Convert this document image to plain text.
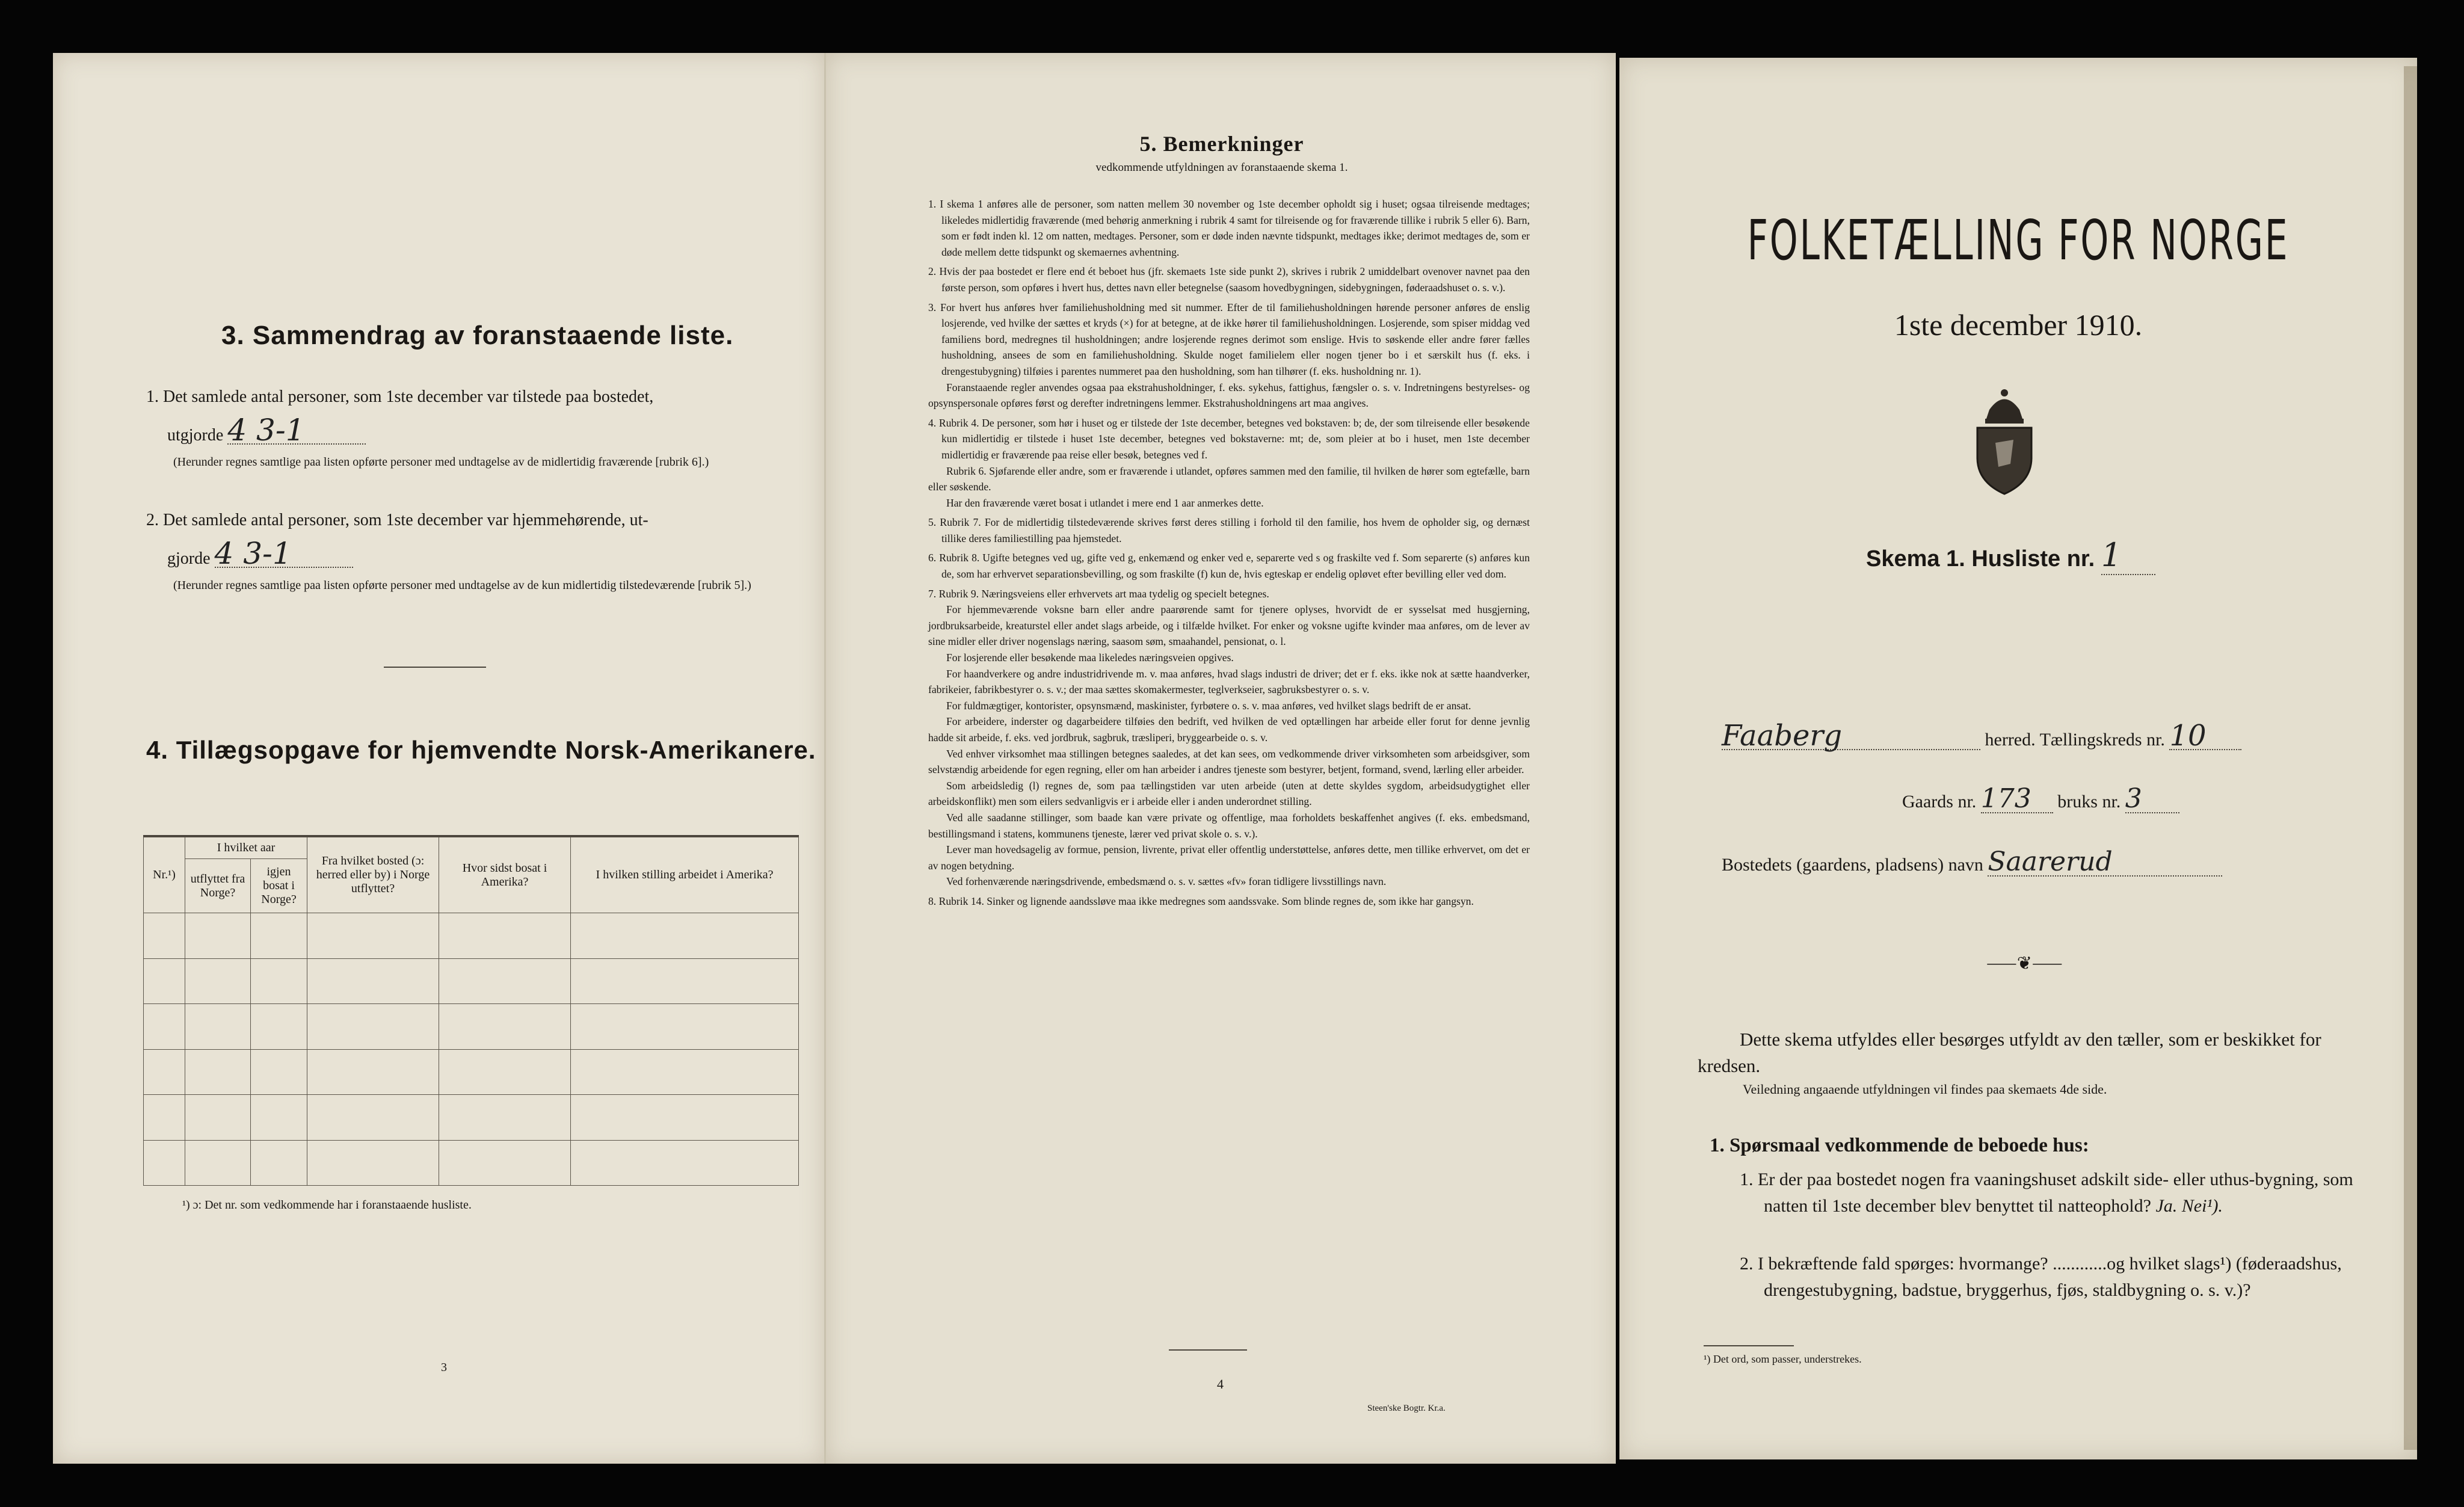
3. Sammendrag av foranstaaende liste.

1. Det samlede antal personer, som 1ste december var tilstede paa bostedet,

utgjorde 4 3-1

(Herunder regnes samtlige paa listen opførte personer med undtagelse av de midlertidig fraværende [rubrik 6].)

2. Det samlede antal personer, som 1ste december var hjemmehørende, ut-

gjorde 4 3-1

(Herunder regnes samtlige paa listen opførte personer med undtagelse av de kun midlertidig tilstedeværende [rubrik 5].)

4. Tillægsopgave for hjemvendte Norsk-Amerikanere.
Nr.¹)	I hvilket aar		Fra hvilket bosted (ɔ: herred eller by) i Norge utflyttet?	Hvor sidst bosat i Amerika?	I hvilken stilling arbeidet i Amerika?
	utflyttet fra Norge?	igjen bosat i Norge?			

¹) ɔ: Det nr. som vedkommende har i foranstaaende husliste.

3

5. Bemerkninger

vedkommende utfyldningen av foranstaaende skema 1.

1. I skema 1 anføres alle de personer, som natten mellem 30 november og 1ste december opholdt sig i huset; ogsaa tilreisende medtages; likeledes midlertidig fraværende (med behørig anmerkning i rubrik 4 samt for tilreisende og for fraværende tillike i rubrik 5 eller 6). Barn, som er født inden kl. 12 om natten, medtages. Personer, som er døde inden nævnte tidspunkt, medtages ikke; derimot medtages de, som er døde mellem dette tidspunkt og skemaernes avhentning.

2. Hvis der paa bostedet er flere end ét beboet hus (jfr. skemaets 1ste side punkt 2), skrives i rubrik 2 umiddelbart ovenover navnet paa den første person, som opføres i hvert hus, dettes navn eller betegnelse (saasom hovedbygningen, sidebygningen, føderaadshuset o. s. v.).

3. For hvert hus anføres hver familiehusholdning med sit nummer. Efter de til familiehusholdningen hørende personer anføres de enslig losjerende, ved hvilke der sættes et kryds (×) for at betegne, at de ikke hører til familiehusholdningen. Losjerende, som spiser middag ved familiens bord, medregnes til husholdningen; andre losjerende regnes derimot som enslige. Hvis to søskende eller andre fører fælles husholdning, ansees de som en familiehusholdning. Skulde noget familielem eller nogen tjener bo i et særskilt hus (f. eks. i drengestubygning) tilføies i parentes nummeret paa den husholdning, som han tilhører (f. eks. husholdning nr. 1).

Foranstaaende regler anvendes ogsaa paa ekstrahusholdninger, f. eks. sykehus, fattighus, fængsler o. s. v. Indretningens bestyrelses- og opsynspersonale opføres først og derefter indretningens lemmer. Ekstrahusholdningens art maa angives.

4. Rubrik 4. De personer, som hør i huset og er tilstede der 1ste december, betegnes ved bokstaven: b; de, der som tilreisende eller besøkende kun midlertidig er tilstede i huset 1ste december, betegnes ved bokstaverne: mt; de, som pleier at bo i huset, men 1ste december midlertidig er fraværende paa reise eller besøk, betegnes ved f.

Rubrik 6. Sjøfarende eller andre, som er fraværende i utlandet, opføres sammen med den familie, til hvilken de hører som egtefælle, barn eller søskende.

Har den fraværende været bosat i utlandet i mere end 1 aar anmerkes dette.

5. Rubrik 7. For de midlertidig tilstedeværende skrives først deres stilling i forhold til den familie, hos hvem de opholder sig, og dernæst tillike deres familiestilling paa hjemstedet.

6. Rubrik 8. Ugifte betegnes ved ug, gifte ved g, enkemænd og enker ved e, separerte ved s og fraskilte ved f. Som separerte (s) anføres kun de, som har erhvervet separationsbevilling, og som fraskilte (f) kun de, hvis egteskap er endelig opløvet efter bevilling eller ved dom.

7. Rubrik 9. Næringsveiens eller erhvervets art maa tydelig og specielt betegnes.

For hjemmeværende voksne barn eller andre paarørende samt for tjenere oplyses, hvorvidt de er sysselsat med husgjerning, jordbruksarbeide, kreaturstel eller andet slags arbeide, og i tilfælde hvilket. For enker og voksne ugifte kvinder maa anføres, om de lever av sine midler eller driver nogenslags næring, saasom søm, smaahandel, pensionat, o. l.

For losjerende eller besøkende maa likeledes næringsveien opgives.

For haandverkere og andre industridrivende m. v. maa anføres, hvad slags industri de driver; det er f. eks. ikke nok at sætte haandverker, fabrikeier, fabrikbestyrer o. s. v.; der maa sættes skomakermester, teglverkseier, sagbruksbestyrer o. s. v.

For fuldmægtiger, kontorister, opsynsmænd, maskinister, fyrbøtere o. s. v. maa anføres, ved hvilket slags bedrift de er ansat.

For arbeidere, inderster og dagarbeidere tilføies den bedrift, ved hvilken de ved optællingen har arbeide eller forut for denne jevnlig hadde sit arbeide, f. eks. ved jordbruk, sagbruk, træsliperi, bryggearbeide o. s. v.

Ved enhver virksomhet maa stillingen betegnes saaledes, at det kan sees, om vedkommende driver virksomheten som arbeidsgiver, som selvstændig arbeidende for egen regning, eller om han arbeider i andres tjeneste som bestyrer, betjent, formand, svend, lærling eller arbeider.

Som arbeidsledig (l) regnes de, som paa tællingstiden var uten arbeide (uten at dette skyldes sygdom, arbeidsudygtighet eller arbeidskonflikt) men som eilers sedvanligvis er i arbeide eller i anden underordnet stilling.

Ved alle saadanne stillinger, som baade kan være private og offentlige, maa forholdets beskaffenhet angives (f. eks. embedsmand, bestillingsmand i statens, kommunens tjeneste, lærer ved privat skole o. s. v.).

Lever man hovedsagelig av formue, pension, livrente, privat eller offentlig understøttelse, anføres dette, men tillike erhvervet, om det er av nogen betydning.

Ved forhenværende næringsdrivende, embedsmænd o. s. v. sættes «fv» foran tidligere livsstillings navn.

8. Rubrik 14. Sinker og lignende aandssløve maa ikke medregnes som aandssvake. Som blinde regnes de, som ikke har gangsyn.

4

Steen'ske Bogtr. Kr.a.

FOLKETÆLLING FOR NORGE

1ste december 1910.

Skema 1. Husliste nr. 1
Faaberg	herred. Tællingskreds nr. 10
Gaards nr. 173 bruks nr. 3
Bostedets (gaardens, pladsens) navn Saarerud
⸺❦⸺

Dette skema utfyldes eller besørges utfyldt av den tæller, som er beskikket for kredsen.

Veiledning angaaende utfyldningen vil findes paa skemaets 4de side.

1. Spørsmaal vedkommende de beboede hus:

1. Er der paa bostedet nogen fra vaaningshuset adskilt side- eller uthus-bygning, som natten til 1ste december blev benyttet til natteophold? Ja. Nei¹).

2. I bekræftende fald spørges: hvormange? ............og hvilket slags¹) (føderaadshus, drengestubygning, badstue, bryggerhus, fjøs, staldbygning o. s. v.)?

¹) Det ord, som passer, understrekes.
